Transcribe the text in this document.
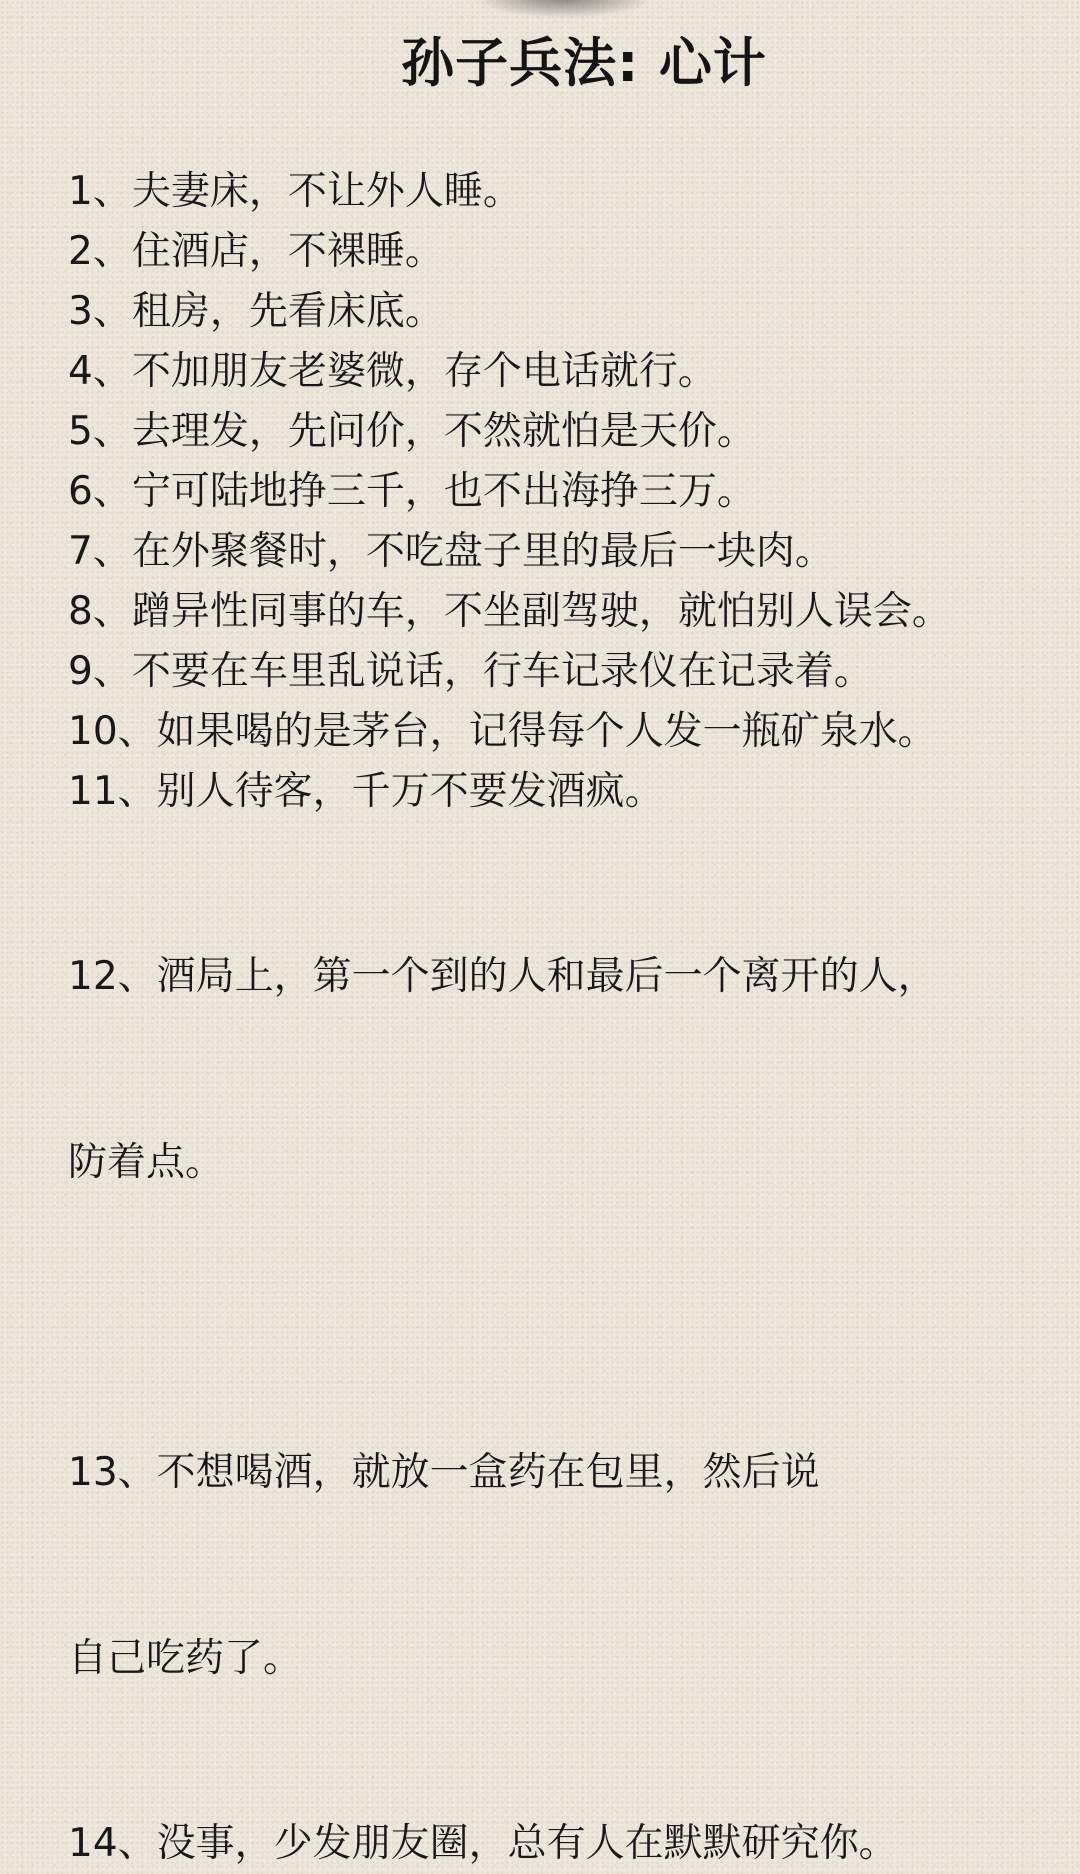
孙子兵法: 心计
1、夫妻床，不让外人睡。
2、住酒店，不裸睡。
3、租房，先看床底。
4、不加朋友老婆微，存个电话就行。
5、去理发，先问价，不然就怕是天价。
6、宁可陆地挣三千，也不出海挣三万。
7、在外聚餐时，不吃盘子里的最后一块肉。
8、蹭异性同事的车，不坐副驾驶，就怕别人误会。
9、不要在车里乱说话，行车记录仪在记录着。
10、如果喝的是茅台，记得每个人发一瓶矿泉水。
11、别人待客，千万不要发酒疯。

12、酒局上，第一个到的人和最后一个离开的人，

防着点。

13、不想喝酒，就放一盒药在包里，然后说

自己吃药了。

14、没事，少发朋友圈，总有人在默默研究你。
